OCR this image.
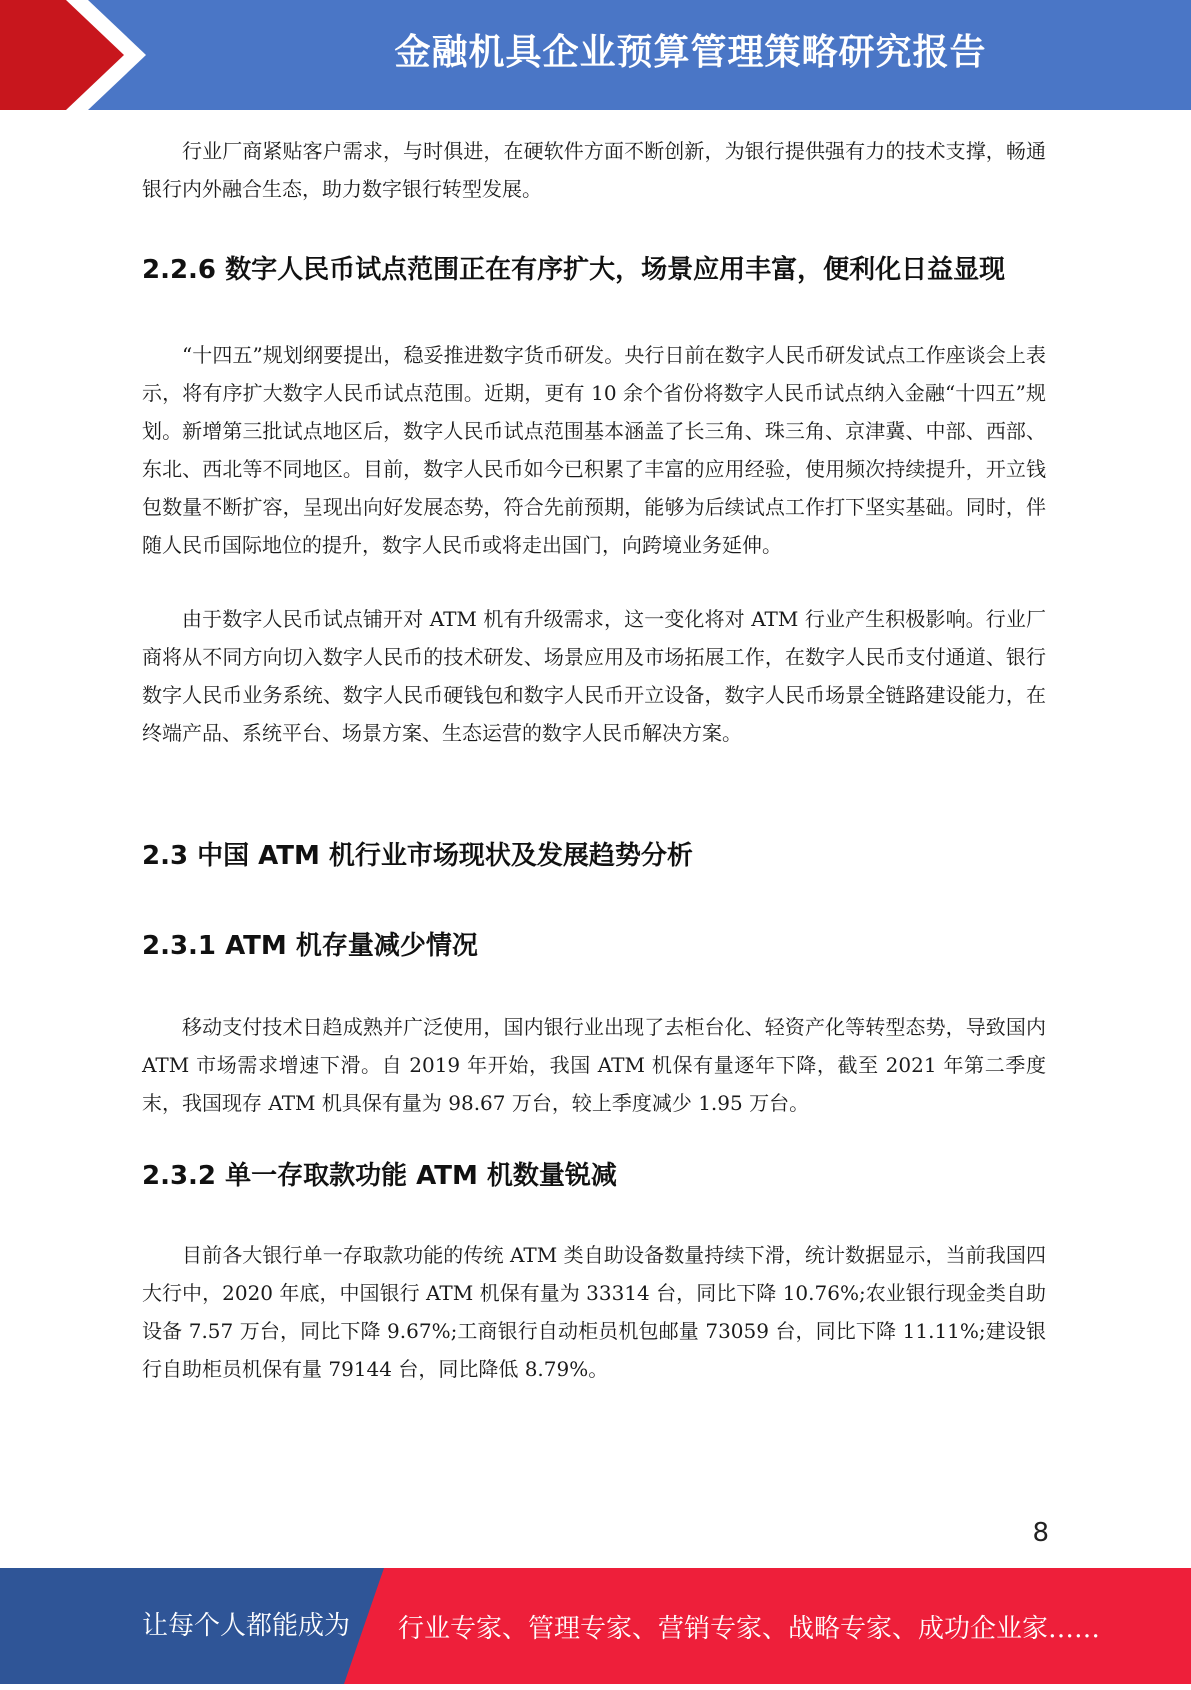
金融机具企业预算管理策略研究报告

行业厂商紧贴客户需求，与时俱进，在硬软件方面不断创新，为银行提供强有力的技术支撑，畅通银行内外融合生态，助力数字银行转型发展。

2.2.6 数字人民币试点范围正在有序扩大，场景应用丰富，便利化日益显现

“十四五”规划纲要提出，稳妥推进数字货币研发。央行日前在数字人民币研发试点工作座谈会上表示，将有序扩大数字人民币试点范围。近期，更有 10 余个省份将数字人民币试点纳入金融“十四五”规划。新增第三批试点地区后，数字人民币试点范围基本涵盖了长三角、珠三角、京津冀、中部、西部、东北、西北等不同地区。目前，数字人民币如今已积累了丰富的应用经验，使用频次持续提升，开立钱包数量不断扩容，呈现出向好发展态势，符合先前预期，能够为后续试点工作打下坚实基础。同时，伴随人民币国际地位的提升，数字人民币或将走出国门，向跨境业务延伸。

由于数字人民币试点铺开对 ATM 机有升级需求，这一变化将对 ATM 行业产生积极影响。行业厂商将从不同方向切入数字人民币的技术研发、场景应用及市场拓展工作，在数字人民币支付通道、银行数字人民币业务系统、数字人民币硬钱包和数字人民币开立设备，数字人民币场景全链路建设能力，在终端产品、系统平台、场景方案、生态运营的数字人民币解决方案。

2.3 中国 ATM 机行业市场现状及发展趋势分析
2.3.1 ATM 机存量减少情况

移动支付技术日趋成熟并广泛使用，国内银行业出现了去柜台化、轻资产化等转型态势，导致国内 ATM 市场需求增速下滑。自 2019 年开始，我国 ATM 机保有量逐年下降，截至 2021 年第二季度末，我国现存 ATM 机具保有量为 98.67 万台，较上季度减少 1.95 万台。

2.3.2 单一存取款功能 ATM 机数量锐减

目前各大银行单一存取款功能的传统 ATM 类自助设备数量持续下滑，统计数据显示，当前我国四大行中，2020 年底，中国银行 ATM 机保有量为 33314 台，同比下降 10.76%;农业银行现金类自助设备 7.57 万台，同比下降 9.67%;工商银行自动柜员机包邮量 73059 台，同比下降 11.11%;建设银行自助柜员机保有量 79144 台，同比降低 8.79%。

8
让每个人都能成为 行业专家、管理专家、营销专家、战略专家、成功企业家……
